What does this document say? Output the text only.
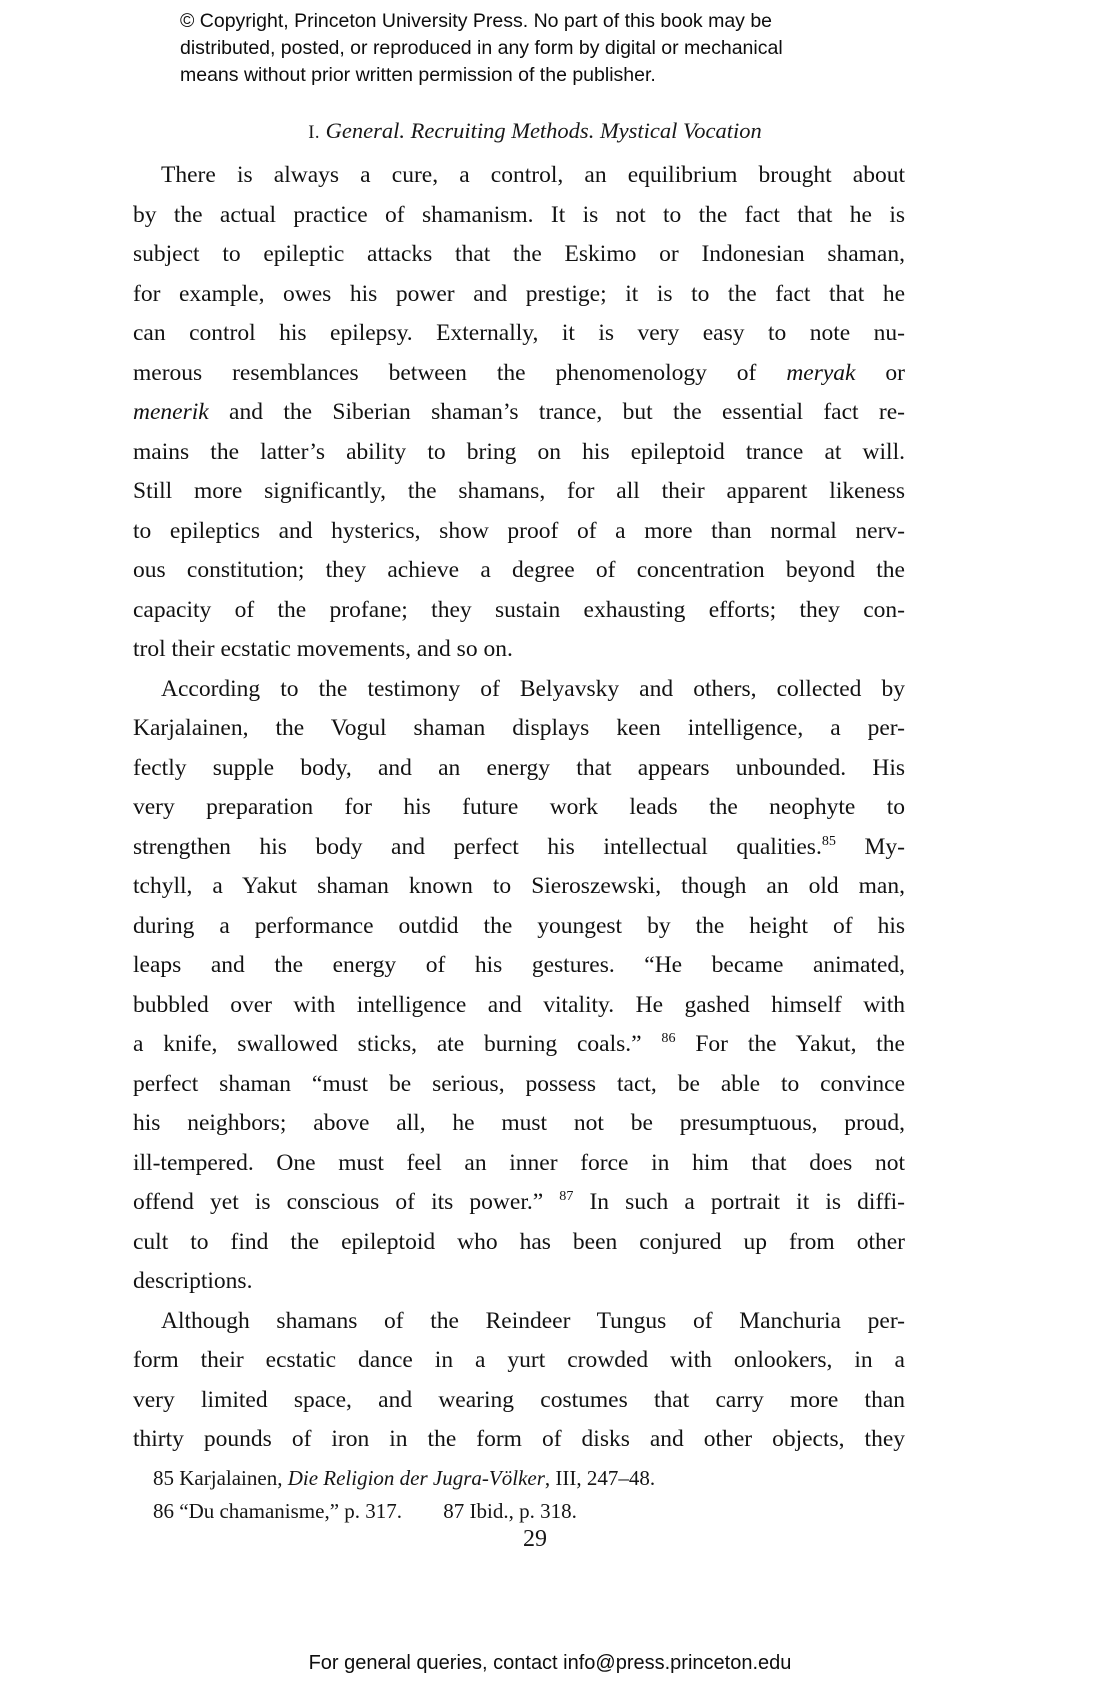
© Copyright, Princeton University Press. No part of this book may be
distributed, posted, or reproduced in any form by digital or mechanical
means without prior written permission of the publisher.
I. General. Recruiting Methods. Mystical Vocation
There is always a cure, a control, an equilibrium brought about
by the actual practice of shamanism. It is not to the fact that he is
subject to epileptic attacks that the Eskimo or Indonesian shaman,
for example, owes his power and prestige; it is to the fact that he
can control his epilepsy. Externally, it is very easy to note nu-
merous resemblances between the phenomenology of meryak or
menerik and the Siberian shaman’s trance, but the essential fact re-
mains the latter’s ability to bring on his epileptoid trance at will.
Still more significantly, the shamans, for all their apparent likeness
to epileptics and hysterics, show proof of a more than normal nerv-
ous constitution; they achieve a degree of concentration beyond the
capacity of the profane; they sustain exhausting efforts; they con-
trol their ecstatic movements, and so on.
According to the testimony of Belyavsky and others, collected by
Karjalainen, the Vogul shaman displays keen intelligence, a per-
fectly supple body, and an energy that appears unbounded. His
very preparation for his future work leads the neophyte to
strengthen his body and perfect his intellectual qualities.$^{85}$ My-
tchyll, a Yakut shaman known to Sieroszewski, though an old man,
during a performance outdid the youngest by the height of his
leaps and the energy of his gestures. “He became animated,
bubbled over with intelligence and vitality. He gashed himself with
a knife, swallowed sticks, ate burning coals.” $^{86}$ For the Yakut, the
perfect shaman “must be serious, possess tact, be able to convince
his neighbors; above all, he must not be presumptuous, proud,
ill-tempered. One must feel an inner force in him that does not
offend yet is conscious of its power.” $^{87}$ In such a portrait it is diffi-
cult to find the epileptoid who has been conjured up from other
descriptions.
Although shamans of the Reindeer Tungus of Manchuria per-
form their ecstatic dance in a yurt crowded with onlookers, in a
very limited space, and wearing costumes that carry more than
thirty pounds of iron in the form of disks and other objects, they
85 Karjalainen, Die Religion der Jugra-Völker, III, 247–48.
86 “Du chamanisme,” p. 317. 87 Ibid., p. 318.
29
For general queries, contact info@press.princeton.edu
